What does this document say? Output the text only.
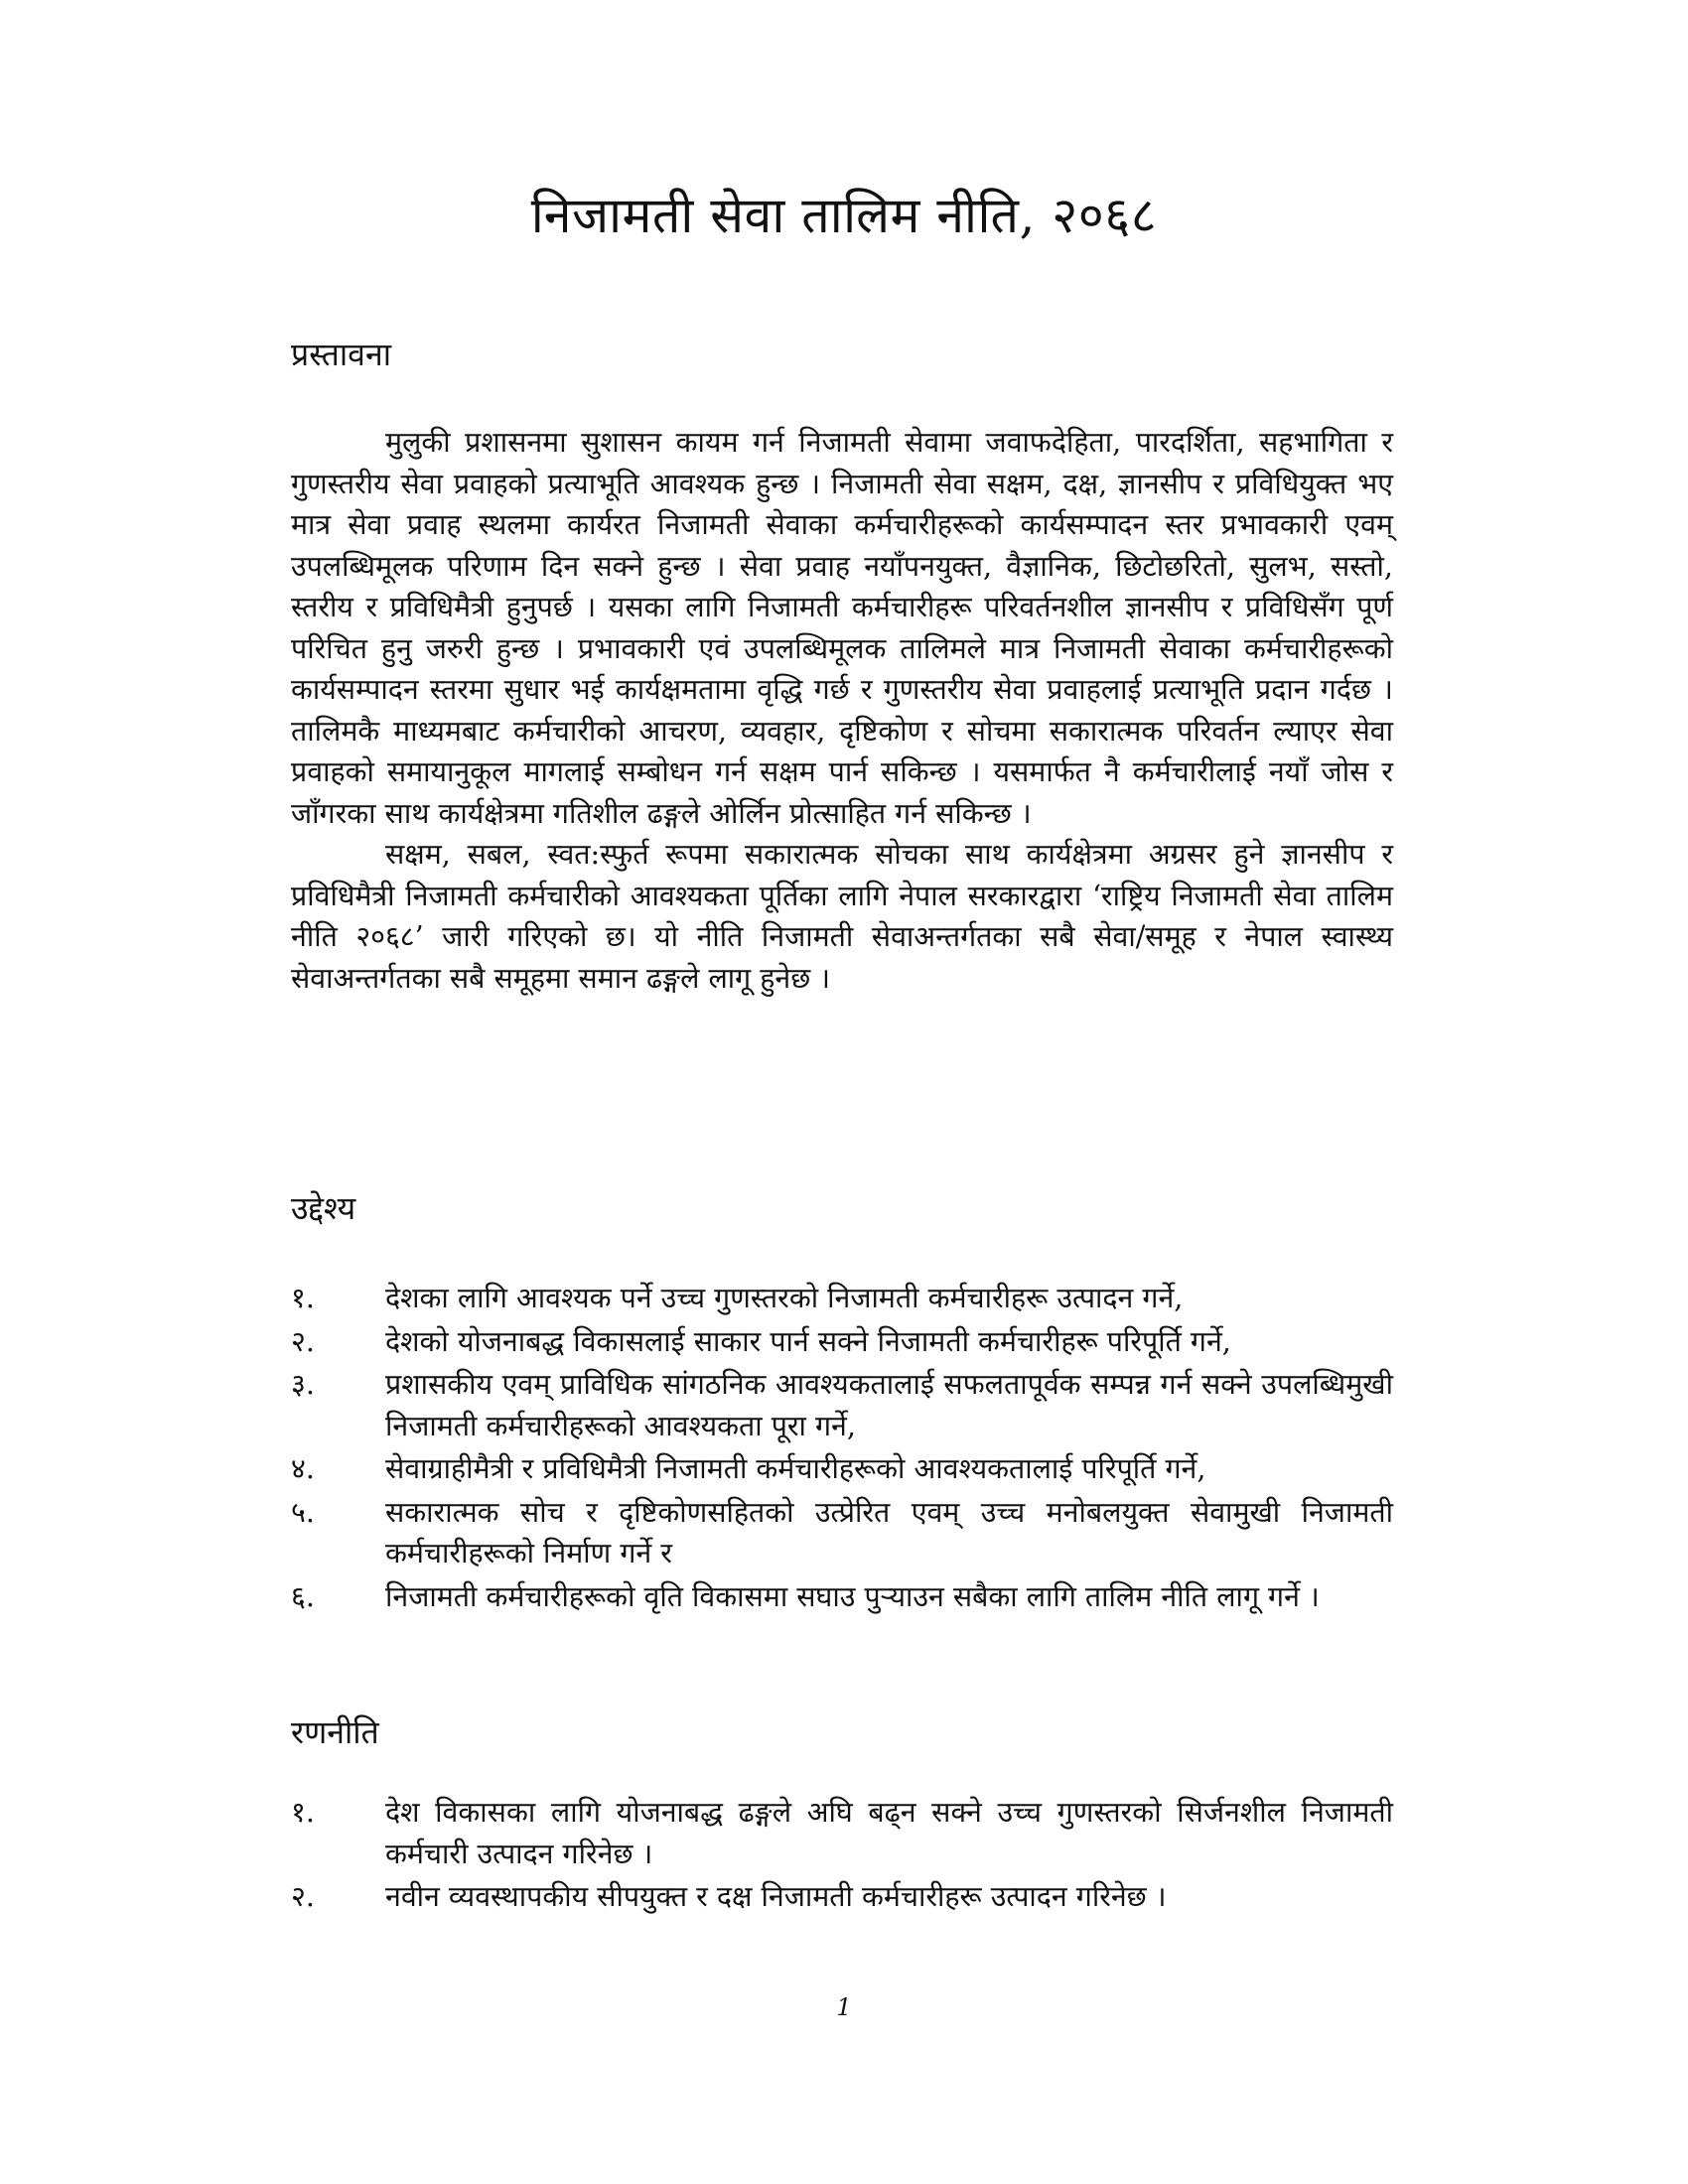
निजामती सेवा तालिम नीति, २०६८
प्रस्तावना

मुलुकी प्रशासनमा सुशासन कायम गर्न निजामती सेवामा जवाफदेहिता, पारदर्शिता, सहभागिता र गुणस्तरीय सेवा प्रवाहको प्रत्याभूति आवश्यक हुन्छ । निजामती सेवा सक्षम, दक्ष, ज्ञानसीप र प्रविधियुक्त भए मात्र सेवा प्रवाह स्थलमा कार्यरत निजामती सेवाका कर्मचारीहरूको कार्यसम्पादन स्तर प्रभावकारी एवम् उपलब्धिमूलक परिणाम दिन सक्ने हुन्छ । सेवा प्रवाह नयाँपनयुक्त, वैज्ञानिक, छिटोछरितो, सुलभ, सस्तो, स्तरीय र प्रविधिमैत्री हुनुपर्छ । यसका लागि निजामती कर्मचारीहरू परिवर्तनशील ज्ञानसीप र प्रविधिसँग पूर्ण परिचित हुनु जरुरी हुन्छ । प्रभावकारी एवं उपलब्धिमूलक तालिमले मात्र निजामती सेवाका कर्मचारीहरूको कार्यसम्पादन स्तरमा सुधार भई कार्यक्षमतामा वृद्धि गर्छ र गुणस्तरीय सेवा प्रवाहलाई प्रत्याभूति प्रदान गर्दछ । तालिमकै माध्यमबाट कर्मचारीको आचरण, व्यवहार, दृष्टिकोण र सोचमा सकारात्मक परिवर्तन ल्याएर सेवा प्रवाहको समायानुकूल मागलाई सम्बोधन गर्न सक्षम पार्न सकिन्छ । यसमार्फत नै कर्मचारीलाई नयाँ जोस र जाँगरका साथ कार्यक्षेत्रमा गतिशील ढङ्गले ओर्लिन प्रोत्साहित गर्न सकिन्छ ।

सक्षम, सबल, स्वत:स्फुर्त रूपमा सकारात्मक सोचका साथ कार्यक्षेत्रमा अग्रसर हुने ज्ञानसीप र प्रविधिमैत्री निजामती कर्मचारीको आवश्यकता पूर्तिका लागि नेपाल सरकारद्वारा ‘राष्ट्रिय निजामती सेवा तालिम नीति २०६८’ जारी गरिएको छ। यो नीति निजामती सेवाअन्तर्गतका सबै सेवा/समूह र नेपाल स्वास्थ्य सेवाअन्तर्गतका सबै समूहमा समान ढङ्गले लागू हुनेछ ।

उद्देश्य
१. देशका लागि आवश्यक पर्ने उच्च गुणस्तरको निजामती कर्मचारीहरू उत्पादन गर्ने,
२. देशको योजनाबद्ध विकासलाई साकार पार्न सक्ने निजामती कर्मचारीहरू परिपूर्ति गर्ने,
३. प्रशासकीय एवम् प्राविधिक सांगठनिक आवश्यकतालाई सफलतापूर्वक सम्पन्न गर्न सक्ने उपलब्धिमुखी निजामती कर्मचारीहरूको आवश्यकता पूरा गर्ने,
४. सेवाग्राहीमैत्री र प्रविधिमैत्री निजामती कर्मचारीहरूको आवश्यकतालाई परिपूर्ति गर्ने,
५. सकारात्मक सोच र दृष्टिकोणसहितको उत्प्रेरित एवम् उच्च मनोबलयुक्त सेवामुखी निजामती कर्मचारीहरूको निर्माण गर्ने र
६. निजामती कर्मचारीहरूको वृति विकासमा सघाउ पुऱ्याउन सबैका लागि तालिम नीति लागू गर्ने ।
रणनीति
१. देश विकासका लागि योजनाबद्ध ढङ्गले अघि बढ्न सक्ने उच्च गुणस्तरको सिर्जनशील निजामती कर्मचारी उत्पादन गरिनेछ ।
२. नवीन व्यवस्थापकीय सीपयुक्त र दक्ष निजामती कर्मचारीहरू उत्पादन गरिनेछ ।
1
